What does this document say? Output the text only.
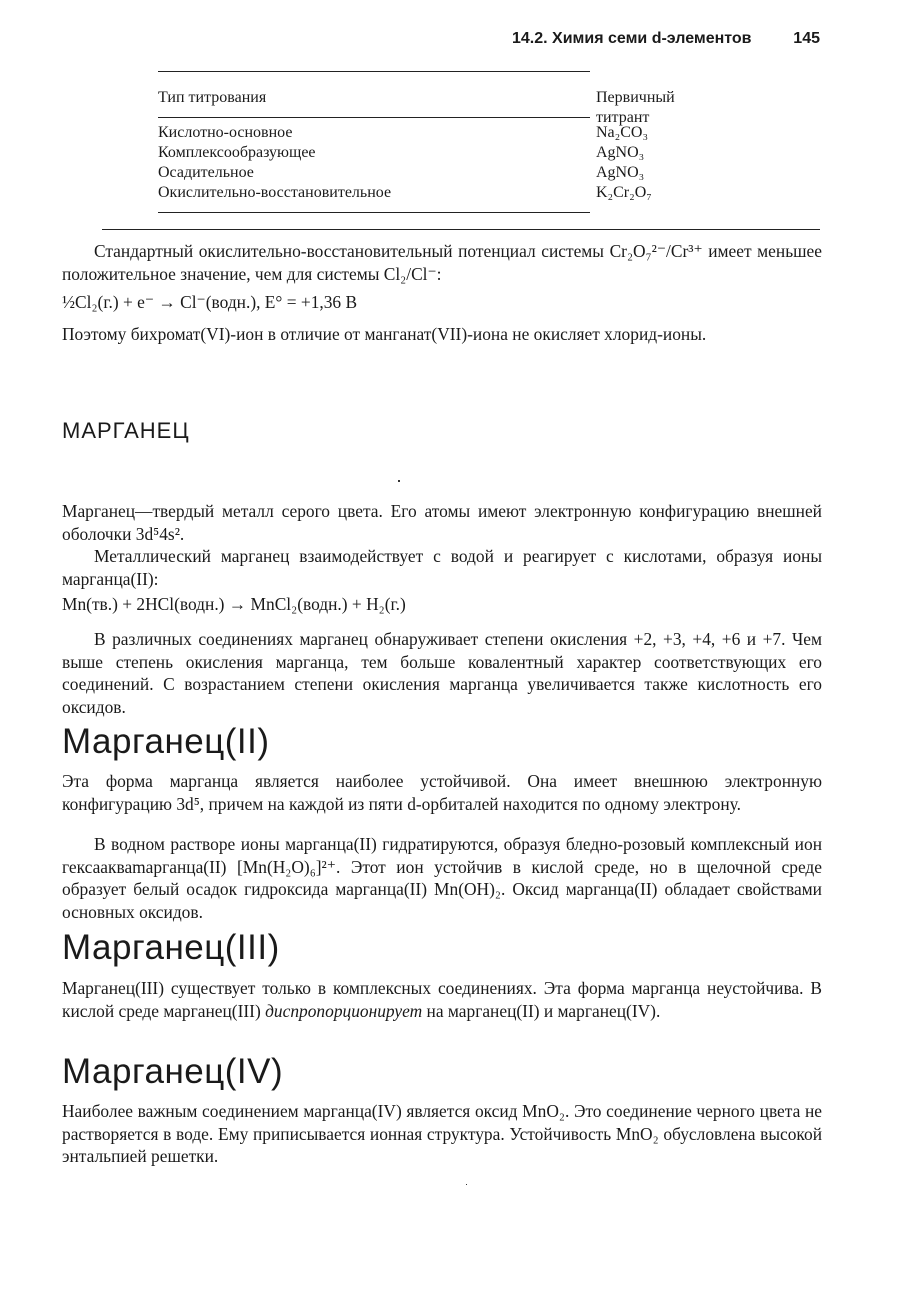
14.2. Химия семи d-элементов	145
Тип титрования	Первичный титрант
Кислотно-основное	Na₂CO₃
Комплексообразующее	AgNO₃
Осадительное	AgNO₃
Окислительно-восстановительное	K₂Cr₂O₇
Стандартный окислительно-восстановительный потенциал системы Cr₂O₇²⁻/Cr³⁺ имеет меньшее положительное значение, чем для системы Cl₂/Cl⁻:
½Cl₂(г.) + e⁻ → Cl⁻(водн.), E° = +1,36 В
Поэтому бихромат(VI)-ион в отличие от манганат(VII)-иона не окисляет хлорид-ионы.
МАРГАНЕЦ
Марганец—твердый металл серого цвета. Его атомы имеют электронную конфигурацию внешней оболочки 3d⁵4s².
Металлический марганец взаимодействует с водой и реагирует с кислотами, образуя ионы марганца(II):
Mn(тв.) + 2HCl(водн.) → MnCl₂(водн.) + H₂(г.)
В различных соединениях марганец обнаруживает степени окисления +2, +3, +4, +6 и +7. Чем выше степень окисления марганца, тем больше ковалентный характер соответствующих его соединений. С возрастанием степени окисления марганца увеличивается также кислотность его оксидов.
Марганец(II)
Эта форма марганца является наиболее устойчивой. Она имеет внешнюю электронную конфигурацию 3d⁵, причем на каждой из пяти d-орбиталей находится по одному электрону.
В водном растворе ионы марганца(II) гидратируются, образуя бледно-розовый комплексный ион гексаакваmарганца(II) [Mn(H₂O)₆]²⁺. Этот ион устойчив в кислой среде, но в щелочной среде образует белый осадок гидроксида марганца(II) Mn(OH)₂. Оксид марганца(II) обладает свойствами основных оксидов.
Марганец(III)
Марганец(III) существует только в комплексных соединениях. Эта форма марганца неустойчива. В кислой среде марганец(III) диспропорционирует на марганец(II) и марганец(IV).
Марганец(IV)
Наиболее важным соединением марганца(IV) является оксид MnO₂. Это соединение черного цвета не растворяется в воде. Ему приписывается ионная структура. Устойчивость MnO₂ обусловлена высокой энтальпией решетки.
